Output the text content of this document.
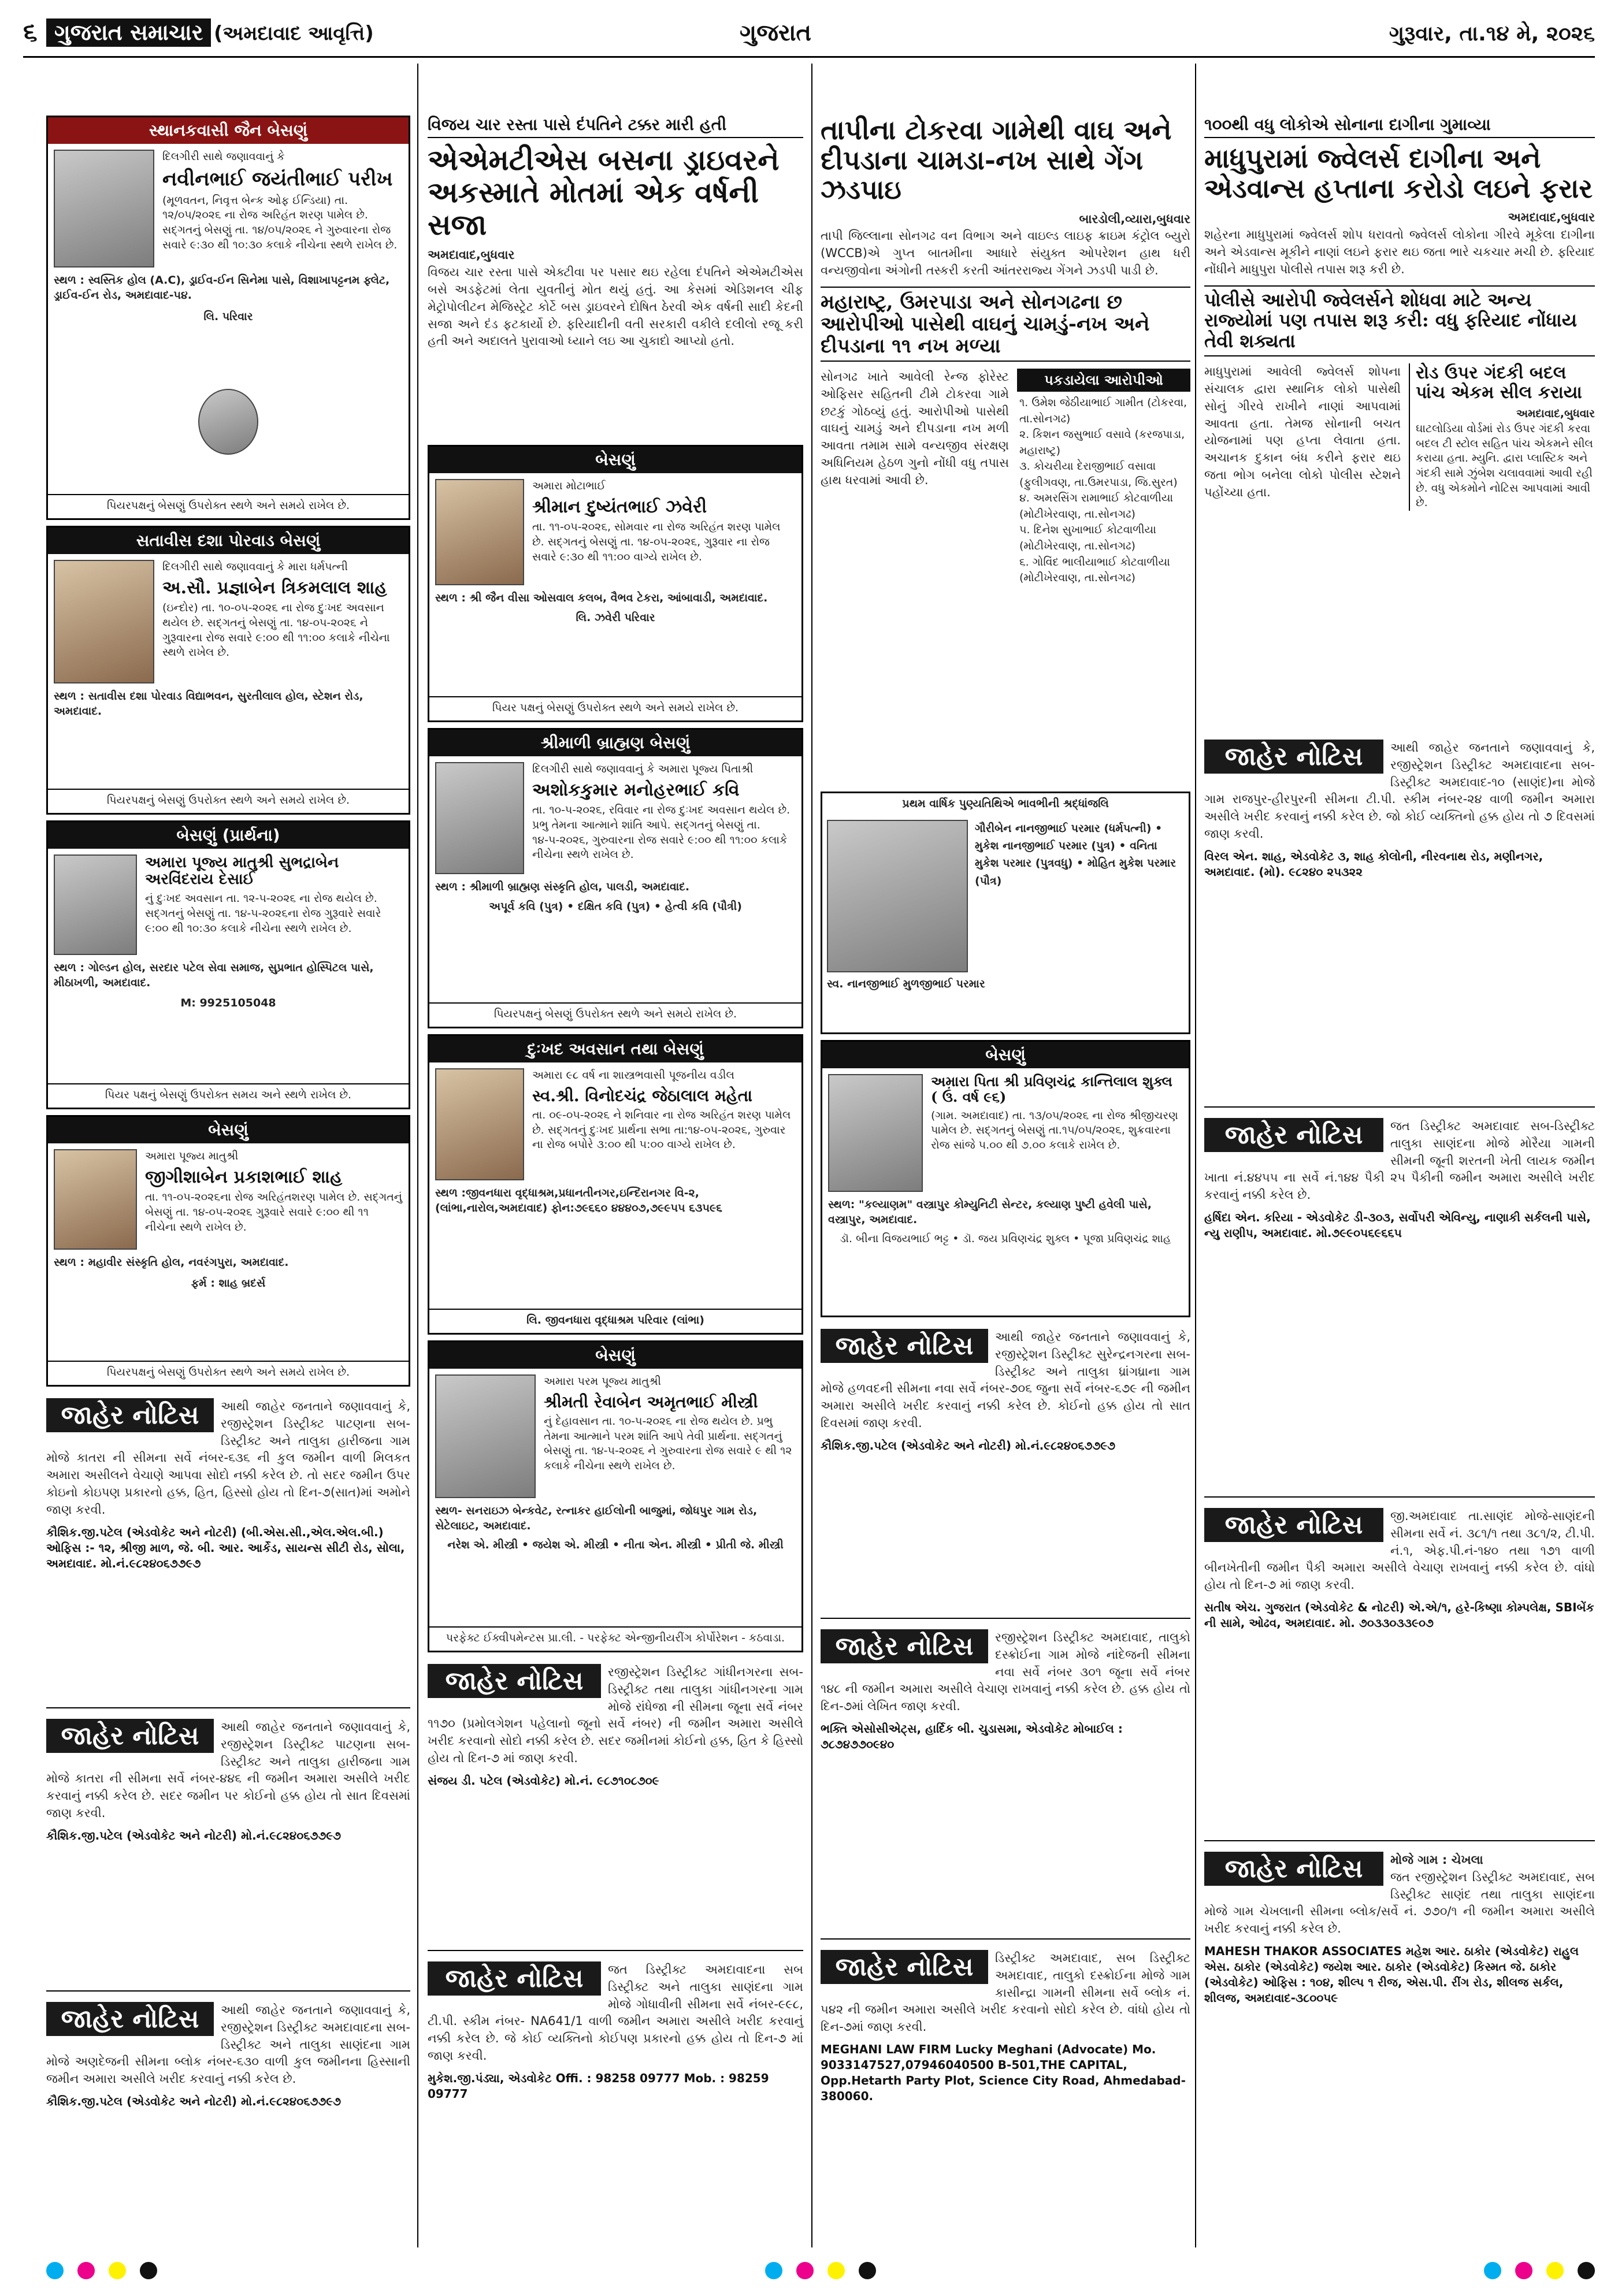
૬ ગુજરાત સમાચાર (અમદાવાદ આવૃત્તિ)	ગુજરાત	ગુરૂવાર, તા.૧૪ મે, ૨૦૨૬
સ્થાનકવાસી જૈન બેસણું
દિલગીરી સાથે જણાવવાનું કે
નવીનભાઈ જયંતીભાઈ પરીખ
(મૂળવતન, નિવૃત્ત બેન્ક ઓફ ઈન્ડિયા) તા. ૧૨/૦૫/૨૦૨૬ ના રોજ અરિહંત શરણ પામેલ છે. સદ્ગતનું બેસણું તા. ૧૪/૦૫/૨૦૨૬ ને ગુરુવારના રોજ સવારે ૯:૩૦ થી ૧૦:૩૦ કલાકે નીચેના સ્થળે રાખેલ છે.
સ્થળ : સ્વસ્તિક હોલ (A.C), ડ્રાઈવ-ઈન સિનેમા પાસે, વિશાખાપટ્ટનમ ફ્લેટ, ડ્રાઈવ-ઈન રોડ, અમદાવાદ-૫૪.
લિ. પરિવાર
પિયરપક્ષનું બેસણું ઉપરોક્ત સ્થળે અને સમયે રાખેલ છે.
સતાવીસ દશા પોરવાડ બેસણું
દિલગીરી સાથે જણાવવાનું કે મારા ધર્મપત્ની
અ.સૌ. પ્રજ્ઞાબેન ત્રિકમલાલ શાહ
(ઇન્દોર) તા. ૧૦-૦૫-૨૦૨૬ ના રોજ દુઃખદ અવસાન થયેલ છે. સદ્ગતનું બેસણું તા. ૧૪-૦૫-૨૦૨૬ ને ગુરૂવારના રોજ સવારે ૯:૦૦ થી ૧૧:૦૦ કલાકે નીચેના સ્થળે રાખેલ છે.
સ્થળ : સતાવીસ દશા પોરવાડ વિદ્યાભવન, સુરતીલાલ હોલ, સ્ટેશન રોડ, અમદાવાદ.
પિયરપક્ષનું બેસણું ઉપરોક્ત સ્થળે અને સમયે રાખેલ છે.
બેસણું (પ્રાર્થના)
અમારા પૂજ્ય માતુશ્રી સુભદ્રાબેન અરવિંદરાય દેસાઈ
નું દુઃખદ અવસાન તા. ૧૨-૫-૨૦૨૬ ના રોજ થયેલ છે. સદ્ગતનું બેસણું તા. ૧૪-૫-૨૦૨૬ના રોજ ગુરૂવારે સવારે ૯:૦૦ થી ૧૦:૩૦ કલાકે નીચેના સ્થળે રાખેલ છે.
સ્થળ : ગોલ્ડન હોલ, સરદાર પટેલ સેવા સમાજ, સુપ્રભાત હોસ્પિટલ પાસે, મીઠાખળી, અમદાવાદ.
M: 9925105048
પિયર પક્ષનું બેસણું ઉપરોક્ત સમય અને સ્થળે રાખેલ છે.
બેસણું
અમારા પૂજ્ય માતુશ્રી
જીગીશાબેન પ્રકાશભાઈ શાહ
તા. ૧૧-૦૫-૨૦૨૬ના રોજ અરિહંતશરણ પામેલ છે. સદ્ગતનું બેસણું તા. ૧૪-૦૫-૨૦૨૬ ગુરૂવારે સવારે ૯:૦૦ થી ૧૧ નીચેના સ્થળે રાખેલ છે.
સ્થળ : મહાવીર સંસ્કૃતિ હોલ, નવરંગપુરા, અમદાવાદ.
ફર્મ : શાહ બ્રદર્સ
પિયરપક્ષનું બેસણું ઉપરોક્ત સ્થળે અને સમયે રાખેલ છે.
જાહેર નોટિસ	આથી જાહેર જનતાને જણાવવાનું કે, રજીસ્ટ્રેશન ડિસ્ટ્રીક્ટ પાટણના સબ-ડિસ્ટ્રીક્ટ અને તાલુકા હારીજના ગામ મોજે કાતરા ની સીમના સર્વે નંબર-૬૩૬ ની કુલ જમીન વાળી મિલકત અમારા અસીલને વેચાણે આપવા સોદો નક્કી કરેલ છે. તો સદર જમીન ઉપર કોઇનો કોઇપણ પ્રકારનો હક્ક, હિત, હિસ્સો હોય તો દિન-૭(સાત)માં અમોને જાણ કરવી.
કૌશિક.જી.પટેલ (એડવોકેટ અને નોટરી) (બી.એસ.સી.,એલ.એલ.બી.) ઓફિસ :- ૧૨, શ્રીજી માળ, જે. બી. આર. આર્કેડ, સાયન્સ સીટી રોડ, સોલા, અમદાવાદ. મો.નં.૯૮૨૪૦૬૭૭૯૭
જાહેર નોટિસ	આથી જાહેર જનતાને જણાવવાનું કે, રજીસ્ટ્રેશન ડિસ્ટ્રીક્ટ પાટણના સબ-ડિસ્ટ્રીક્ટ અને તાલુકા હારીજના ગામ મોજે કાતરા ની સીમના સર્વે નંબર-૪૪૬ ની જમીન અમારા અસીલે ખરીદ કરવાનું નક્કી કરેલ છે. સદર જમીન પર કોઈનો હક્ક હોય તો સાત દિવસમાં જાણ કરવી.
કૌશિક.જી.પટેલ (એડવોકેટ અને નોટરી) મો.નં.૯૮૨૪૦૬૭૭૯૭
જાહેર નોટિસ	આથી જાહેર જનતાને જણાવવાનું કે, રજીસ્ટ્રેશન ડિસ્ટ્રીક્ટ અમદાવાદના સબ-ડિસ્ટ્રીક્ટ અને તાલુકા સાણંદના ગામ મોજે અણદેજની સીમના બ્લોક નંબર-૬૩૦ વાળી કુલ જમીનના હિસ્સાની જમીન અમારા અસીલે ખરીદ કરવાનું નક્કી કરેલ છે.
કૌશિક.જી.પટેલ (એડવોકેટ અને નોટરી) મો.નં.૯૮૨૪૦૬૭૭૯૭
વિજય ચાર રસ્તા પાસે દંપતિને ટક્કર મારી હતી
એએમટીએસ બસના ડ્રાઇવરને અકસ્માતે મોતમાં એક વર્ષની સજા
અમદાવાદ,બુધવાર
વિજય ચાર રસ્તા પાસે એક્ટીવા પર પસાર થઇ રહેલા દંપતિને એએમટીએસ બસે અડફેટમાં લેતા યુવતીનું મોત થયું હતું. આ કેસમાં એડિશનલ ચીફ મેટ્રોપોલીટન મેજિસ્ટ્રેટ કોર્ટે બસ ડ્રાઇવરને દોષિત ઠેરવી એક વર્ષની સાદી કેદની સજા અને દંડ ફટકાર્યો છે. ફરિયાદીની વતી સરકારી વકીલે દલીલો રજૂ કરી હતી અને અદાલતે પુરાવાઓ ધ્યાને લઇ આ ચુકાદો આપ્યો હતો.
બેસણું
અમારા મોટાભાઈ
શ્રીમાન દુષ્યંતભાઈ ઝવેરી
તા. ૧૧-૦૫-૨૦૨૬, સોમવાર ના રોજ અરિહંત શરણ પામેલ છે. સદ્ગતનું બેસણું તા. ૧૪-૦૫-૨૦૨૬, ગુરૂવાર ના રોજ સવારે ૯:૩૦ થી ૧૧:૦૦ વાગ્યે રાખેલ છે.
સ્થળ : શ્રી જૈન વીસા ઓસવાલ કલબ, વૈભવ ટેકરા, આંબાવાડી, અમદાવાદ.
લિ. ઝવેરી પરિવાર
પિયર પક્ષનું બેસણું ઉપરોક્ત સ્થળે અને સમયે રાખેલ છે.
શ્રીમાળી બ્રાહ્મણ બેસણું
દિલગીરી સાથે જણાવવાનું કે અમારા પૂજ્ય પિતાશ્રી
અશોકકુમાર મનોહરભાઈ કવિ
તા. ૧૦-૫-૨૦૨૬, રવિવાર ના રોજ દુઃખદ અવસાન થયેલ છે. પ્રભુ તેમના આત્માને શાંતિ આપે. સદ્ગતનું બેસણું તા. ૧૪-૫-૨૦૨૬, ગુરુવારના રોજ સવારે ૯:૦૦ થી ૧૧:૦૦ કલાકે નીચેના સ્થળે રાખેલ છે.
સ્થળ : શ્રીમાળી બ્રાહ્મણ સંસ્કૃતિ હોલ, પાલડી, અમદાવાદ.
અપૂર્વ કવિ (પુત્ર) • દક્ષિત કવિ (પુત્ર) • હેત્વી કવિ (પૌત્રી)
પિયરપક્ષનું બેસણું ઉપરોક્ત સ્થળે અને સમયે રાખેલ છે.
દુઃખદ અવસાન તથા બેસણું
અમારા ૯૮ વર્ષ ના શાસ્ત્રભવાસી પૂજનીય વડીલ
સ્વ.શ્રી. વિનોદચંદ્ર જેઠાલાલ મહેતા
તા. ૦૯-૦૫-૨૦૨૬ ને શનિવાર ના રોજ અરિહંત શરણ પામેલ છે. સદ્ગતનું દુઃખદ પ્રાર્થના સભા તા:૧૪-૦૫-૨૦૨૬, ગુરુવાર ના રોજ બપોરે ૩:૦૦ થી ૫:૦૦ વાગ્યે રાખેલ છે.
સ્થળ :જીવનધારા વૃદ્ધાશ્રમ,પ્રધાનતીનગર,ઇન્દિરાનગર વિ-૨, (લાંભા,નારોલ,અમદાવાદ) ફોન:૭૯૬૬૦ ૪૪૪૦૭,૭૯૯૫૫ ૬૩૫૯૬
લિ. જીવનધારા વૃદ્ધાશ્રમ પરિવાર (લાંભા)
બેસણું
અમારા પરમ પૂજ્ય માતુશ્રી
શ્રીમતી રેવાબેન અમૃતભાઈ મીસ્ત્રી
નું દેહાવસાન તા. ૧૦-૫-૨૦૨૬ ના રોજ થયેલ છે. પ્રભુ તેમના આત્માને પરમ શાંતિ આપે તેવી પ્રાર્થના. સદ્ગતનું બેસણું તા. ૧૪-૫-૨૦૨૬ ને ગુરુવારના રોજ સવારે ૯ થી ૧૨ કલાકે નીચેના સ્થળે રાખેલ છે.
સ્થળ- સનરાઇઝ બેન્કવેટ, રત્નાકર હાઈલોની બાજુમાં, જોધપુર ગામ રોડ, સેટેલાઇટ, અમદાવાદ.
નરેશ એ. મીસ્ત્રી • જયેશ એ. મીસ્ત્રી • નીતા એન. મીસ્ત્રી • પ્રીતી જે. મીસ્ત્રી
પરફેક્ટ ઈક્વીપમેન્ટસ પ્રા.લી. - પરફેક્ટ એન્જીનીયરીંગ કોર્પોરેશન - કઠવાડા.
જાહેર નોટિસ	રજીસ્ટ્રેશન ડિસ્ટ્રીક્ટ ગાંધીનગરના સબ-ડિસ્ટ્રીક્ટ તથા તાલુકા ગાંધીનગરના ગામ મોજે રાંધેજા ની સીમના જૂના સર્વે નંબર ૧૧૭૦ (પ્રમોલગેશન પહેલાનો જૂનો સર્વે નંબર) ની જમીન અમારા અસીલે ખરીદ કરવાનો સોદો નક્કી કરેલ છે. સદર જમીનમાં કોઈનો હક્ક, હિત કે હિસ્સો હોય તો દિન-૭ માં જાણ કરવી.
સંજય ડી. પટેલ (એડવોકેટ) મો.નં. ૯૮૭૧૦૮૭૦૯
જાહેર નોટિસ	જત ડિસ્ટ્રીક્ટ અમદાવાદના સબ ડિસ્ટ્રીક્ટ અને તાલુકા સાણંદના ગામ મોજે ગોધાવીની સીમના સર્વે નંબર-૯૯૮, ટી.પી. સ્કીમ નંબર- NA641/1 વાળી જમીન અમારા અસીલે ખરીદ કરવાનું નક્કી કરેલ છે. જે કોઈ વ્યક્તિનો કોઈપણ પ્રકારનો હક્ક હોય તો દિન-૭ માં જાણ કરવી.
મુકેશ.જી.પંડ્યા, એડવોકેટ Offi. : 98258 09777 Mob. : 98259 09777
તાપીના ટોકરવા ગામેથી વાઘ અને દીપડાના ચામડા-નખ સાથે ગેંગ ઝડપાઇ
બારડોલી,વ્યારા,બુધવાર
તાપી જિલ્લાના સોનગઢ વન વિભાગ અને વાઇલ્ડ લાઇફ ક્રાઇમ કંટ્રોલ બ્યુરો (WCCB)એ ગુપ્ત બાતમીના આધારે સંયુક્ત ઓપરેશન હાથ ધરી વન્યજીવોના અંગોની તસ્કરી કરતી આંતરરાજ્ય ગેંગને ઝડપી પાડી છે.
મહારાષ્ટ્ર, ઉમરપાડા અને સોનગઢના છ આરોપીઓ પાસેથી વાઘનું ચામડું-નખ અને દીપડાના ૧૧ નખ મળ્યા
સોનગઢ ખાતે આવેલી રેન્જ ફોરેસ્ટ ઓફિસર સહિતની ટીમે ટોકરવા ગામે છટકું ગોઠવ્યું હતું. આરોપીઓ પાસેથી વાઘનું ચામડું અને દીપડાના નખ મળી આવતા તમામ સામે વન્યજીવ સંરક્ષણ અધિનિયમ હેઠળ ગુનો નોંધી વધુ તપાસ હાથ ધરવામાં આવી છે.
પકડાયેલા આરોપીઓ
૧. ઉમેશ જેઠીયાભાઈ ગામીત (ટોકરવા, તા.સોનગઢ)
૨. કિશન જસુભાઈ વસાવે (કરજપાડા, મહારાષ્ટ્ર)
૩. કોચરીયા દેરાજીભાઈ વસાવા (ફુલીગવણ, તા.ઉમરપાડા, જિ.સુરત)
૪. અમરસિંગ રામાભાઈ કોટવાળીયા (મોટીખેરવાણ, તા.સોનગઢ)
૫. દિનેશ સુખાભાઈ કોટવાળીયા (મોટીખેરવાણ, તા.સોનગઢ)
૬. ગોવિંદ ભાલીયાભાઈ કોટવાળીયા (મોટીખેરવાણ, તા.સોનગઢ)
પ્રથમ વાર્ષિક પુણ્યતિથિએ ભાવભીની શ્રદ્ધાંજલિ
ગૌરીબેન નાનજીભાઈ પરમાર (ધર્મપત્ની) • મુકેશ નાનજીભાઈ પરમાર (પુત્ર) • વનિતા મુકેશ પરમાર (પુત્રવધુ) • મોહિત મુકેશ પરમાર (પૌત્ર)
સ્વ. નાનજીભાઈ મુળજીભાઈ પરમાર
બેસણું
અમારા પિતા શ્રી પ્રવિણચંદ્ર કાન્તિલાલ શુક્લ ( ઉં. વર્ષ ૯૬)
(ગામ. અમદાવાદ) તા. ૧૩/૦૫/૨૦૨૬ ના રોજ શ્રીજીચરણ પામેલ છે. સદ્ગતનું બેસણું તા.૧૫/૦૫/૨૦૨૬, શુક્રવારના રોજ સાંજે ૫.૦૦ થી ૭.૦૦ કલાકે રાખેલ છે.
સ્થળ: "કલ્યાણમ" વસ્ત્રાપુર કોમ્યુનિટી સેન્ટર, કલ્યાણ પુષ્ટી હવેલી પાસે, વસ્ત્રાપુર, અમદાવાદ.
ડૉ. બીના વિજયભાઈ ભટ્ટ • ડૉ. જય પ્રવિણચંદ્ર શુક્લ • પૂજા પ્રવિણચંદ્ર શાહ
જાહેર નોટિસ	આથી જાહેર જનતાને જણાવવાનું કે, રજીસ્ટ્રેશન ડિસ્ટ્રીક્ટ સુરેન્દ્રનગરના સબ-ડિસ્ટ્રીક્ટ અને તાલુકા ધ્રાંગધ્રાના ગામ મોજે હળવદની સીમના નવા સર્વે નંબર-૭૦૬ જુના સર્વે નંબર-૬૭૯ ની જમીન અમારા અસીલે ખરીદ કરવાનું નક્કી કરેલ છે. કોઈનો હક્ક હોય તો સાત દિવસમાં જાણ કરવી.
કૌશિક.જી.પટેલ (એડવોકેટ અને નોટરી) મો.નં.૯૮૨૪૦૬૭૭૯૭
જાહેર નોટિસ	રજીસ્ટ્રેશન ડિસ્ટ્રીક્ટ અમદાવાદ, તાલુકો દસ્ક્રોઈના ગામ મોજે નાંદેજની સીમના નવા સર્વે નંબર ૩૦૧ જૂના સર્વે નંબર ૧૪૮ ની જમીન અમારા અસીલે વેચાણ રાખવાનું નક્કી કરેલ છે. હક્ક હોય તો દિન-૭માં લેખિત જાણ કરવી.
ભક્તિ એસોસીએટ્સ, હાર્દિક બી. ચુડાસમા, એડવોકેટ મોબાઈલ : ૭૮૭૪૭૭૦૯૪૦
જાહેર નોટિસ	ડિસ્ટ્રીક્ટ અમદાવાદ, સબ ડિસ્ટ્રીક્ટ અમદાવાદ, તાલુકો દસ્ક્રોઈના મોજે ગામ કાસીન્દ્રા ગામની સીમના સર્વે બ્લોક નં. ૫૪૨ ની જમીન અમારા અસીલે ખરીદ કરવાનો સોદો કરેલ છે. વાંધો હોય તો દિન-૭માં જાણ કરવી.
MEGHANI LAW FIRM Lucky Meghani (Advocate) Mo. 9033147527,07946040500 B-501,THE CAPITAL, Opp.Hetarth Party Plot, Science City Road, Ahmedabad-380060.
૧૦૦થી વધુ લોકોએ સોનાના દાગીના ગુમાવ્યા
માધુપુરામાં જ્વેલર્સ દાગીના અને એડવાન્સ હપ્તાના કરોડો લઇને ફરાર
અમદાવાદ,બુધવાર
શહેરના માધુપુરામાં જ્વેલર્સ શોપ ધરાવતો જ્વેલર્સ લોકોના ગીરવે મૂકેલા દાગીના અને એડવાન્સ મૂકીને નાણાં લઇને ફરાર થઇ જતા ભારે ચકચાર મચી છે. ફરિયાદ નોંધીને માધુપુરા પોલીસે તપાસ શરૂ કરી છે.
પોલીસે આરોપી જ્વેલર્સને શોધવા માટે અન્ય રાજ્યોમાં પણ તપાસ શરૂ કરી: વધુ ફરિયાદ નોંધાય તેવી શક્યતા
માધુપુરામાં આવેલી જ્વેલર્સ શોપના સંચાલક દ્વારા સ્થાનિક લોકો પાસેથી સોનું ગીરવે રાખીને નાણાં આપવામાં આવતા હતા. તેમજ સોનાની બચત યોજનામાં પણ હપ્તા લેવાતા હતા. અચાનક દુકાન બંધ કરીને ફરાર થઇ જતા ભોગ બનેલા લોકો પોલીસ સ્ટેશને પહોંચ્યા હતા.
રોડ ઉપર ગંદકી બદલ પાંચ એકમ સીલ કરાયા
અમદાવાદ,બુધવાર
ઘાટલોડિયા વોર્ડમાં રોડ ઉપર ગંદકી કરવા બદલ ટી સ્ટોલ સહિત પાંચ એકમને સીલ કરાયા હતા. મ્યુનિ. દ્વારા પ્લાસ્ટિક અને ગંદકી સામે ઝુંબેશ ચલાવવામાં આવી રહી છે. વધુ એકમોને નોટિસ આપવામાં આવી છે.
જાહેર નોટિસ	આથી જાહેર જનતાને જણાવવાનું કે, રજીસ્ટ્રેશન ડિસ્ટ્રીક્ટ અમદાવાદના સબ-ડિસ્ટ્રીક્ટ અમદાવાદ-૧૦ (સાણંદ)ના મોજે ગામ રાજપુર-હીરપુરની સીમના ટી.પી. સ્કીમ નંબર-૨૪ વાળી જમીન અમારા અસીલે ખરીદ કરવાનું નક્કી કરેલ છે. જો કોઈ વ્યક્તિનો હક્ક હોય તો ૭ દિવસમાં જાણ કરવી.
વિરલ એન. શાહ, એડવોકેટ ૩, શાહ કોલોની, નીરવનાથ રોડ, મણીનગર, અમદાવાદ. (મો). ૯૮૨૪૦ ૨૫૩૨૨
જાહેર નોટિસ	જત ડિસ્ટ્રીક્ટ અમદાવાદ સબ-ડિસ્ટ્રીક્ટ તાલુકા સાણંદના મોજે મોરૈયા ગામની સીમની જૂની શરતની ખેતી લાયક જમીન ખાતા નં.૪૪૫૫ ના સર્વે નં.૧૪૪ પૈકી ૨૫ પૈકીની જમીન અમારા અસીલે ખરીદ કરવાનું નક્કી કરેલ છે.
હર્ષિદા એન. કરિયા - એડવોકેટ ડી-૩૦૩, સર્વોપરી એવિન્યુ, નાણાકી સર્કલની પાસે, ન્યુ રાણીપ, અમદાવાદ. મો.૭૯૯૦૫૬૯૬૬૫
જાહેર નોટિસ	જી.અમદાવાદ તા.સાણંદ મોજે-સાણંદની સીમના સર્વે નં. ૩૮૧/૧ તથા ૩૮૧/૨, ટી.પી. નં.૧, એફ.પી.નં-૧૪૦ તથા ૧૭૧ વાળી બીનખેતીની જમીન પૈકી અમારા અસીલે વેચાણ રાખવાનું નક્કી કરેલ છે. વાંધો હોય તો દિન-૭ માં જાણ કરવી.
સતીષ એચ. ગુજરાત (એડવોકેટ & નોટરી) એ.એ/૧, હરે-કિષ્ણા કોમ્પલેક્ષ, SBIબેંક ની સામે, ઓઢવ, અમદાવાદ. મો. ૭૦૩૩૦૩૩૯૦૭
જાહેર નોટિસ	મોજે ગામ : ચેખલા
જત રજીસ્ટ્રેશન ડિસ્ટ્રીક્ટ અમદાવાદ, સબ ડિસ્ટ્રીક્ટ સાણંદ તથા તાલુકા સાણંદના મોજે ગામ ચેખલાની સીમના બ્લોક/સર્વે નં. ૭૭૦/૧ ની જમીન અમારા અસીલે ખરીદ કરવાનું નક્કી કરેલ છે.
MAHESH THAKOR ASSOCIATES મહેશ આર. ઠાકોર (એડવોકેટ) રાહુલ એસ. ઠાકોર (એડવોકેટ) જયેશ આર. ઠાકોર (એડવોકેટ) કિસ્મત જે. ઠાકોર (એડવોકેટ) ઓફિસ : ૧૦૪, શીલ્પ ૧ રીજ, એસ.પી. રીંગ રોડ, શીલજ સર્કલ, શીલજ, અમદાવાદ-૩૮૦૦૫૯
